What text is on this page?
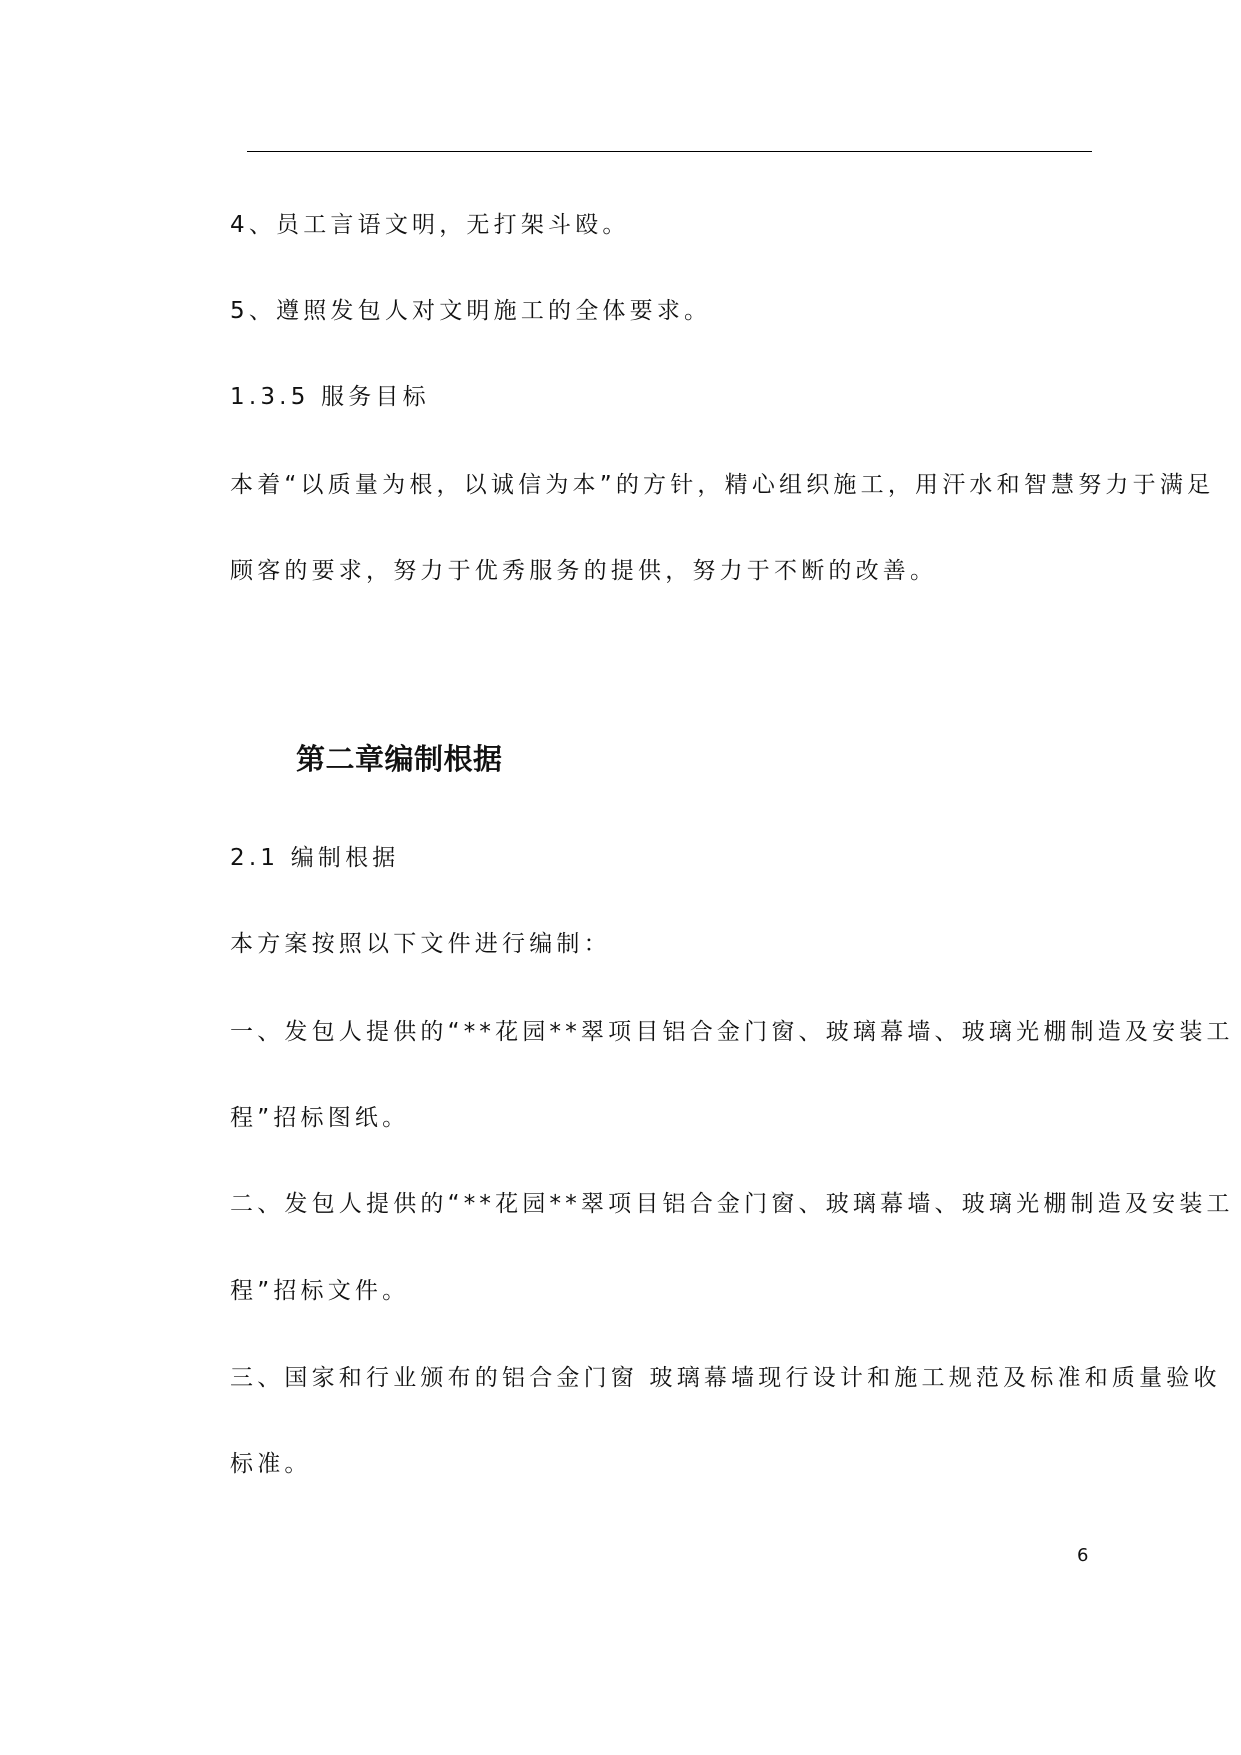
4、员工言语文明，无打架斗殴。

5、遵照发包人对文明施工的全体要求。

1.3.5 服务目标

本着“以质量为根，以诚信为本”的方针，精心组织施工，用汗水和智慧努力于满足

顾客的要求，努力于优秀服务的提供，努力于不断的改善。

第二章编制根据

2.1 编制根据

本方案按照以下文件进行编制：

一、发包人提供的“**花园**翠项目铝合金门窗、玻璃幕墙、玻璃光棚制造及安装工

程”招标图纸。

二、发包人提供的“**花园**翠项目铝合金门窗、玻璃幕墙、玻璃光棚制造及安装工

程”招标文件。

三、国家和行业颁布的铝合金门窗 玻璃幕墙现行设计和施工规范及标准和质量验收

标准。

6
